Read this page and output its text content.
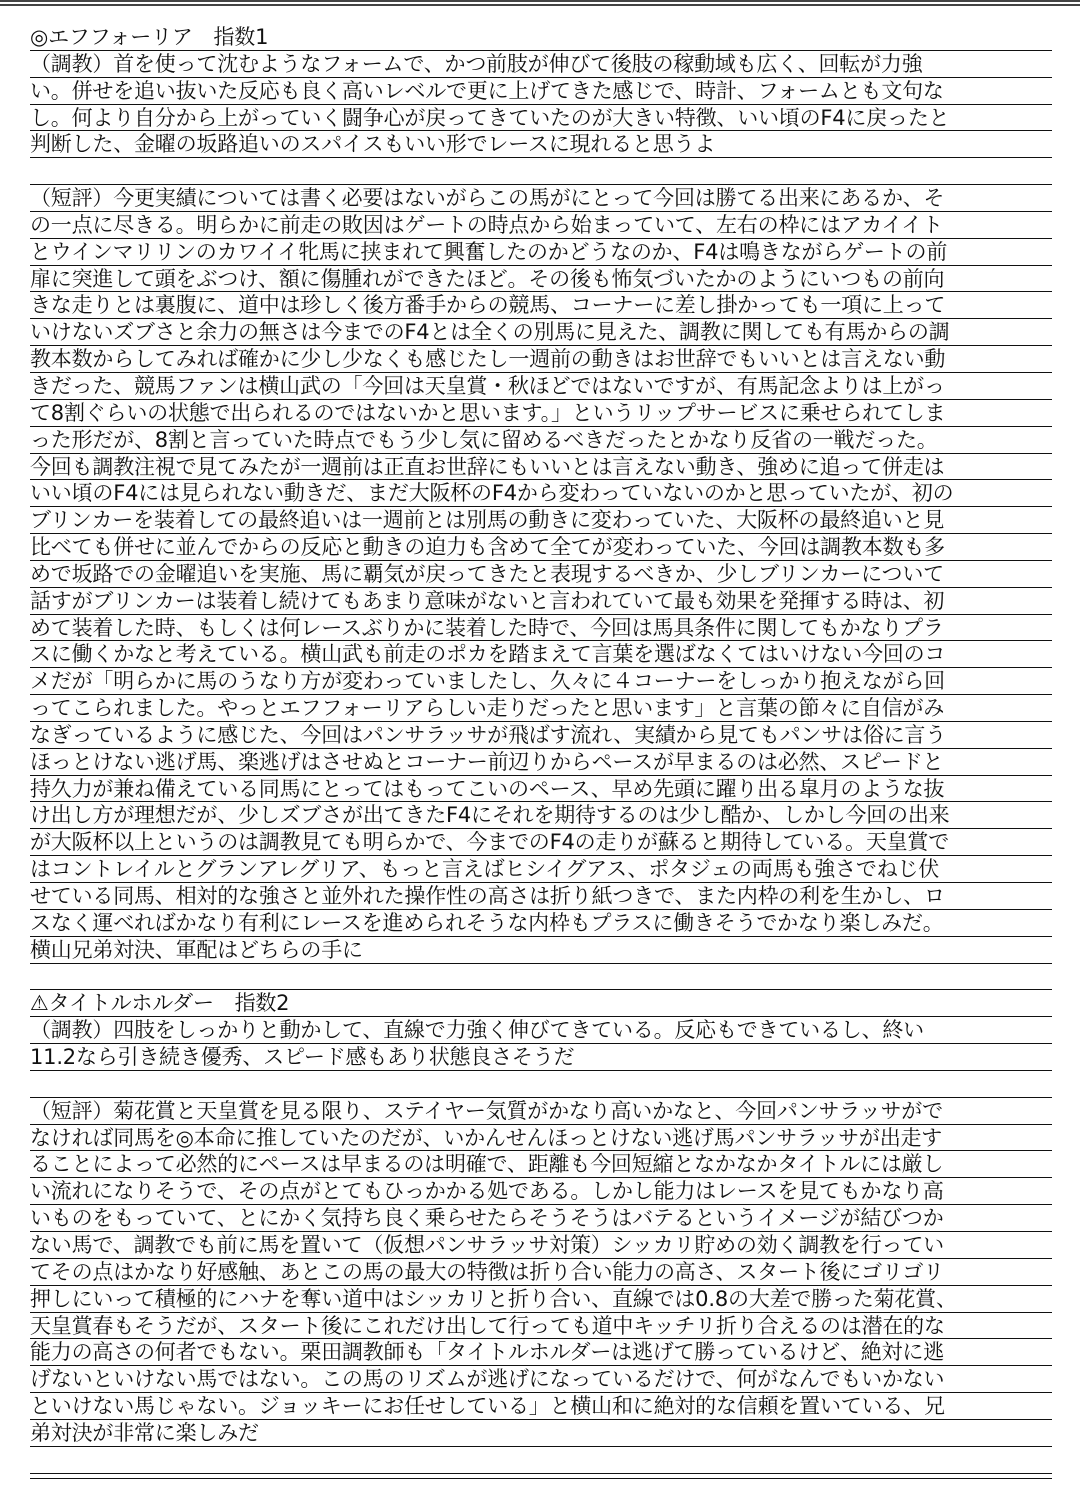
◎エフフォーリア　指数1
（調教）首を使って沈むようなフォームで、かつ前肢が伸びて後肢の稼動域も広く、回転が力強
い。併せを追い抜いた反応も良く高いレベルで更に上げてきた感じで、時計、フォームとも文句な
し。何より自分から上がっていく闘争心が戻ってきていたのが大きい特徴、いい頃のF4に戻ったと
判断した、金曜の坂路追いのスパイスもいい形でレースに現れると思うよ
（短評）今更実績については書く必要はないがらこの馬がにとって今回は勝てる出来にあるか、そ
の一点に尽きる。明らかに前走の敗因はゲートの時点から始まっていて、左右の枠にはアカイイト
とウインマリリンのカワイイ牝馬に挟まれて興奮したのかどうなのか、F4は鳴きながらゲートの前
扉に突進して頭をぶつけ、額に傷腫れができたほど。その後も怖気づいたかのようにいつもの前向
きな走りとは裏腹に、道中は珍しく後方番手からの競馬、コーナーに差し掛かっても一項に上って
いけないズブさと余力の無さは今までのF4とは全くの別馬に見えた、調教に関しても有馬からの調
教本数からしてみれば確かに少し少なくも感じたし一週前の動きはお世辞でもいいとは言えない動
きだった、競馬ファンは横山武の「今回は天皇賞・秋ほどではないですが、有馬記念よりは上がっ
て8割ぐらいの状態で出られるのではないかと思います。」というリップサービスに乗せられてしま
った形だが、8割と言っていた時点でもう少し気に留めるべきだったとかなり反省の一戦だった。
今回も調教注視で見てみたが一週前は正直お世辞にもいいとは言えない動き、強めに追って併走は
いい頃のF4には見られない動きだ、まだ大阪杯のF4から変わっていないのかと思っていたが、初の
ブリンカーを装着しての最終追いは一週前とは別馬の動きに変わっていた、大阪杯の最終追いと見
比べても併せに並んでからの反応と動きの迫力も含めて全てが変わっていた、今回は調教本数も多
めで坂路での金曜追いを実施、馬に覇気が戻ってきたと表現するべきか、少しブリンカーについて
話すがブリンカーは装着し続けてもあまり意味がないと言われていて最も効果を発揮する時は、初
めて装着した時、もしくは何レースぶりかに装着した時で、今回は馬具条件に関してもかなりプラ
スに働くかなと考えている。横山武も前走のポカを踏まえて言葉を選ばなくてはいけない今回のコ
メだが「明らかに馬のうなり方が変わっていましたし、久々に４コーナーをしっかり抱えながら回
ってこられました。やっとエフフォーリアらしい走りだったと思います」と言葉の節々に自信がみ
なぎっているように感じた、今回はパンサラッサが飛ばす流れ、実績から見てもパンサは俗に言う
ほっとけない逃げ馬、楽逃げはさせぬとコーナー前辺りからペースが早まるのは必然、スピードと
持久力が兼ね備えている同馬にとってはもってこいのペース、早め先頭に躍り出る皐月のような抜
け出し方が理想だが、少しズブさが出てきたF4にそれを期待するのは少し酷か、しかし今回の出来
が大阪杯以上というのは調教見ても明らかで、今までのF4の走りが蘇ると期待している。天皇賞で
はコントレイルとグランアレグリア、もっと言えばヒシイグアス、ポタジェの両馬も強さでねじ伏
せている同馬、相対的な強さと並外れた操作性の高さは折り紙つきで、また内枠の利を生かし、ロ
スなく運べればかなり有利にレースを進められそうな内枠もプラスに働きそうでかなり楽しみだ。
横山兄弟対決、軍配はどちらの手に
⚠タイトルホルダー　指数2
（調教）四肢をしっかりと動かして、直線で力強く伸びてきている。反応もできているし、終い
11.2なら引き続き優秀、スピード感もあり状態良さそうだ
（短評）菊花賞と天皇賞を見る限り、ステイヤー気質がかなり高いかなと、今回パンサラッサがで
なければ同馬を◎本命に推していたのだが、いかんせんほっとけない逃げ馬パンサラッサが出走す
ることによって必然的にペースは早まるのは明確で、距離も今回短縮となかなかタイトルには厳し
い流れになりそうで、その点がとてもひっかかる処である。しかし能力はレースを見てもかなり高
いものをもっていて、とにかく気持ち良く乗らせたらそうそうはバテるというイメージが結びつか
ない馬で、調教でも前に馬を置いて（仮想パンサラッサ対策）シッカリ貯めの効く調教を行ってい
てその点はかなり好感触、あとこの馬の最大の特徴は折り合い能力の高さ、スタート後にゴリゴリ
押しにいって積極的にハナを奪い道中はシッカリと折り合い、直線では0.8の大差で勝った菊花賞、
天皇賞春もそうだが、スタート後にこれだけ出して行っても道中キッチリ折り合えるのは潜在的な
能力の高さの何者でもない。栗田調教師も「タイトルホルダーは逃げて勝っているけど、絶対に逃
げないといけない馬ではない。この馬のリズムが逃げになっているだけで、何がなんでもいかない
といけない馬じゃない。ジョッキーにお任せしている」と横山和に絶対的な信頼を置いている、兄
弟対決が非常に楽しみだ
